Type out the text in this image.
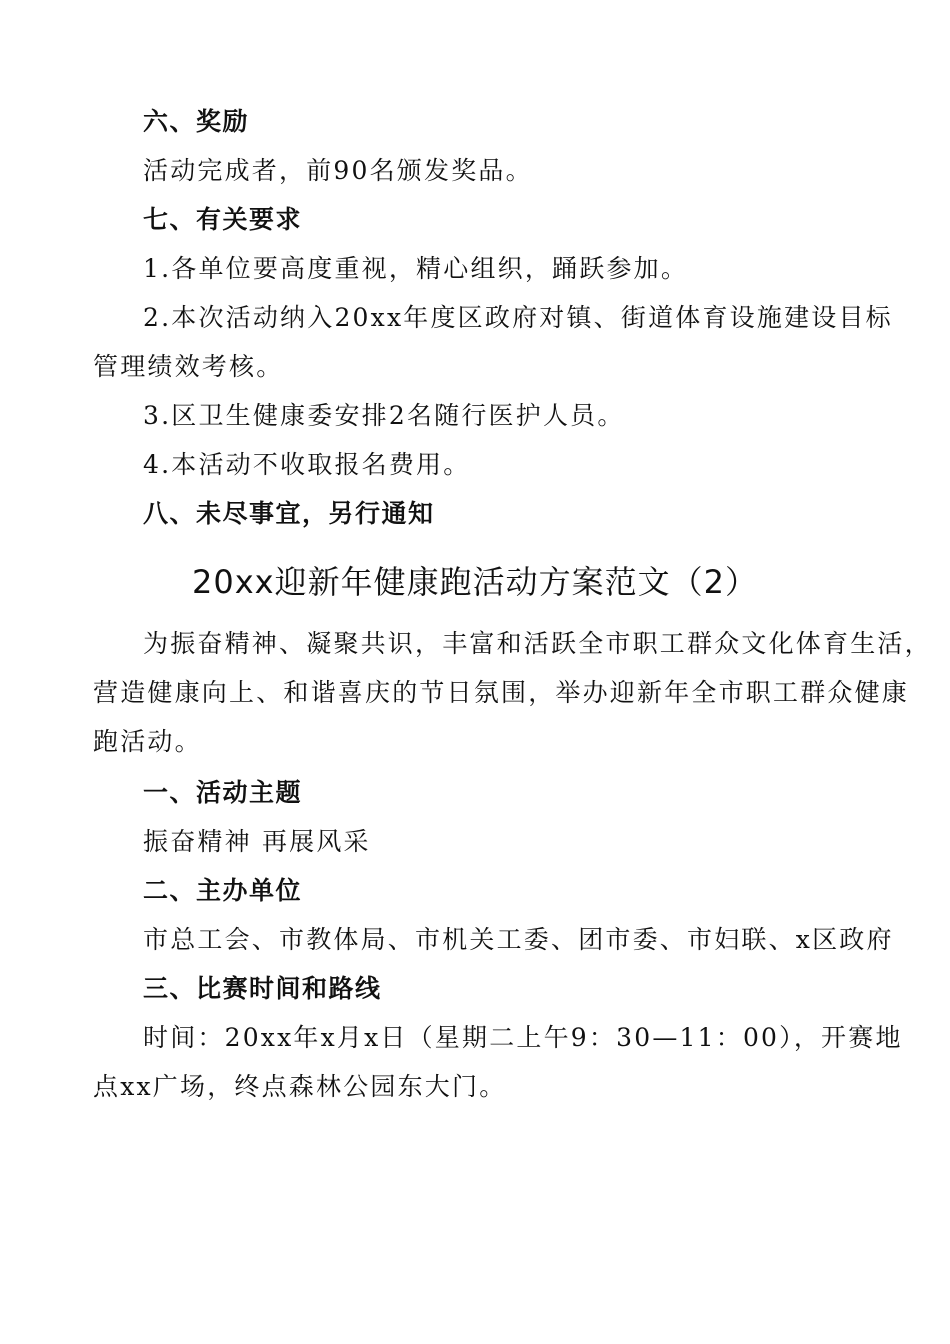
六、奖励
活动完成者，前90名颁发奖品。
七、有关要求
1.各单位要高度重视，精心组织，踊跃参加。
2.本次活动纳入20xx年度区政府对镇、街道体育设施建设目标
管理绩效考核。
3.区卫生健康委安排2名随行医护人员。
4.本活动不收取报名费用。
八、未尽事宜，另行通知
20xx迎新年健康跑活动方案范文（2）
为振奋精神、凝聚共识，丰富和活跃全市职工群众文化体育生活，
营造健康向上、和谐喜庆的节日氛围，举办迎新年全市职工群众健康
跑活动。
一、活动主题
振奋精神 再展风采
二、主办单位
市总工会、市教体局、市机关工委、团市委、市妇联、x区政府
三、比赛时间和路线
时间：20xx年x月x日（星期二上午9：30—11：00），开赛地
点xx广场，终点森林公园东大门。
